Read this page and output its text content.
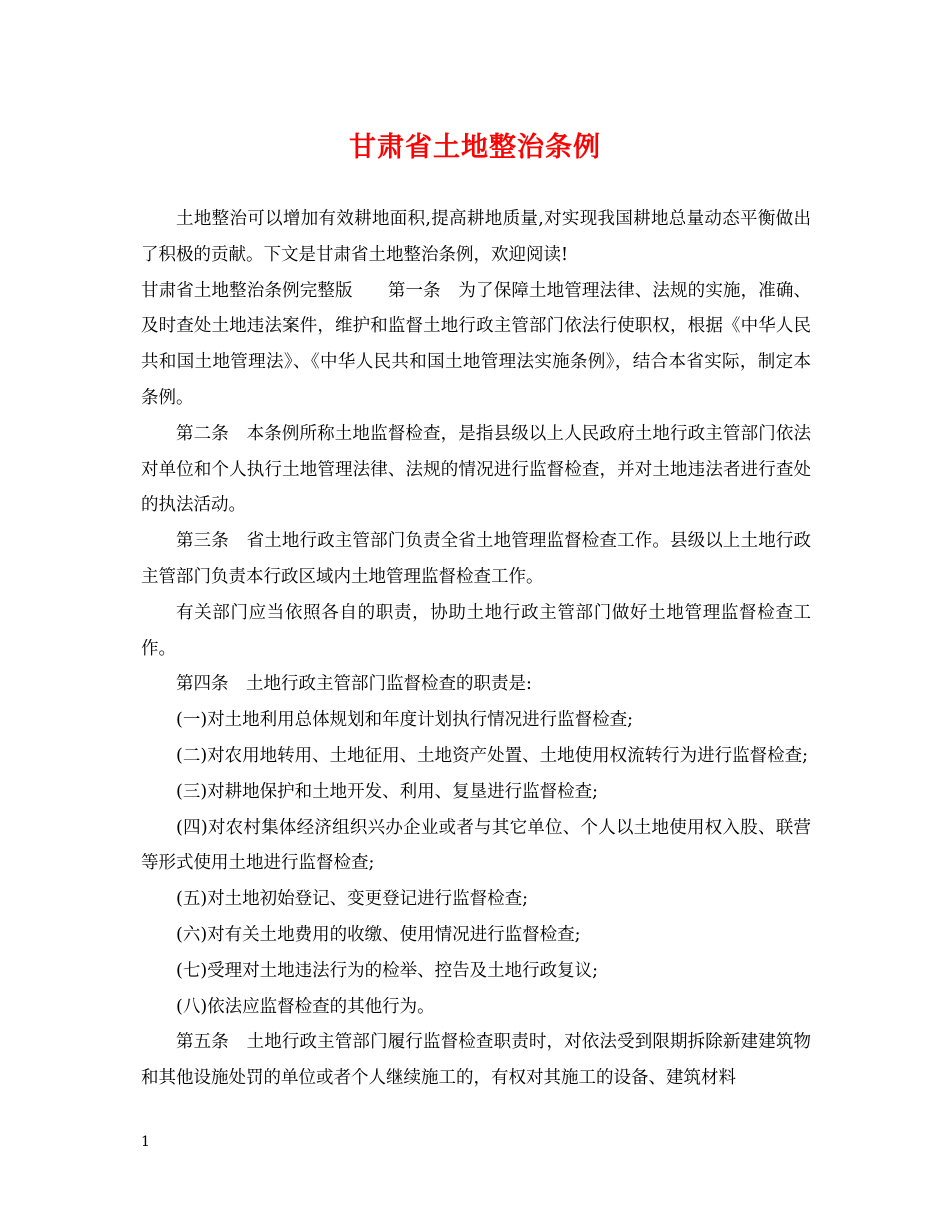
甘肃省土地整治条例

土地整治可以增加有效耕地面积,提高耕地质量,对实现我国耕地总量动态平衡做出了积极的贡献。下文是甘肃省土地整治条例，欢迎阅读!

甘肃省土地整治条例完整版　　第一条　为了保障土地管理法律、法规的实施，准确、及时查处土地违法案件，维护和监督土地行政主管部门依法行使职权，根据《中华人民共和国土地管理法》、《中华人民共和国土地管理法实施条例》，结合本省实际，制定本条例。

第二条　本条例所称土地监督检查，是指县级以上人民政府土地行政主管部门依法对单位和个人执行土地管理法律、法规的情况进行监督检查，并对土地违法者进行查处的执法活动。

第三条　省土地行政主管部门负责全省土地管理监督检查工作。县级以上土地行政主管部门负责本行政区域内土地管理监督检查工作。

有关部门应当依照各自的职责，协助土地行政主管部门做好土地管理监督检查工作。

第四条　土地行政主管部门监督检查的职责是:

(一)对土地利用总体规划和年度计划执行情况进行监督检查;

(二)对农用地转用、土地征用、土地资产处置、土地使用权流转行为进行监督检查;

(三)对耕地保护和土地开发、利用、复垦进行监督检查;

(四)对农村集体经济组织兴办企业或者与其它单位、个人以土地使用权入股、联营等形式使用土地进行监督检查;

(五)对土地初始登记、变更登记进行监督检查;

(六)对有关土地费用的收缴、使用情况进行监督检查;

(七)受理对土地违法行为的检举、控告及土地行政复议;

(八)依法应监督检查的其他行为。

第五条　土地行政主管部门履行监督检查职责时，对依法受到限期拆除新建建筑物和其他设施处罚的单位或者个人继续施工的，有权对其施工的设备、建筑材料

1
